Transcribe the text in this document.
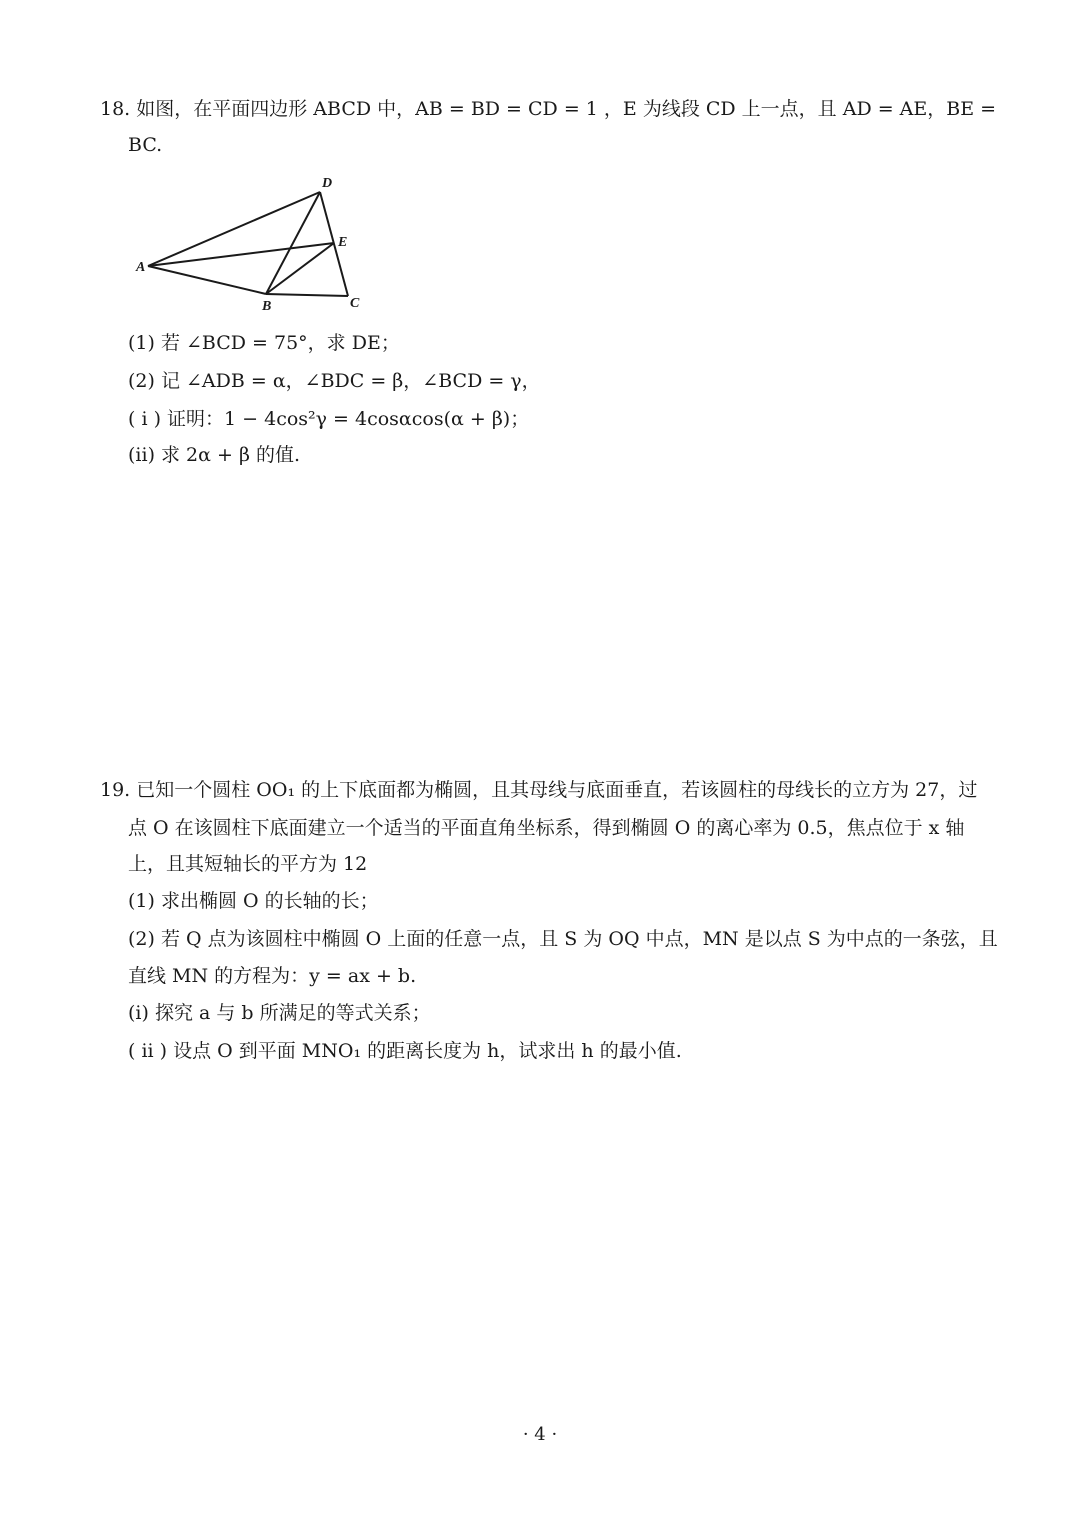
18. 如图，在平面四边形 ABCD 中，AB = BD = CD = 1 ，E 为线段 CD 上一点，且 AD = AE，BE =
BC.
D
E
A
B	C
(1) 若 ∠BCD = 75°，求 DE；
(2) 记 ∠ADB = α，∠BDC = β，∠BCD = γ，
( i ) 证明：1 − 4cos²γ = 4cosαcos(α + β)；
(ii) 求 2α + β 的值.
19. 已知一个圆柱 OO₁ 的上下底面都为椭圆，且其母线与底面垂直，若该圆柱的母线长的立方为 27，过
点 O 在该圆柱下底面建立一个适当的平面直角坐标系，得到椭圆 O 的离心率为 0.5，焦点位于 x 轴
上，且其短轴长的平方为 12
(1) 求出椭圆 O 的长轴的长；
(2) 若 Q 点为该圆柱中椭圆 O 上面的任意一点，且 S 为 OQ 中点，MN 是以点 S 为中点的一条弦，且
直线 MN 的方程为：y = ax + b.
(i) 探究 a 与 b 所满足的等式关系；
( ii ) 设点 O 到平面 MNO₁ 的距离长度为 h，试求出 h 的最小值.
· 4 ·
